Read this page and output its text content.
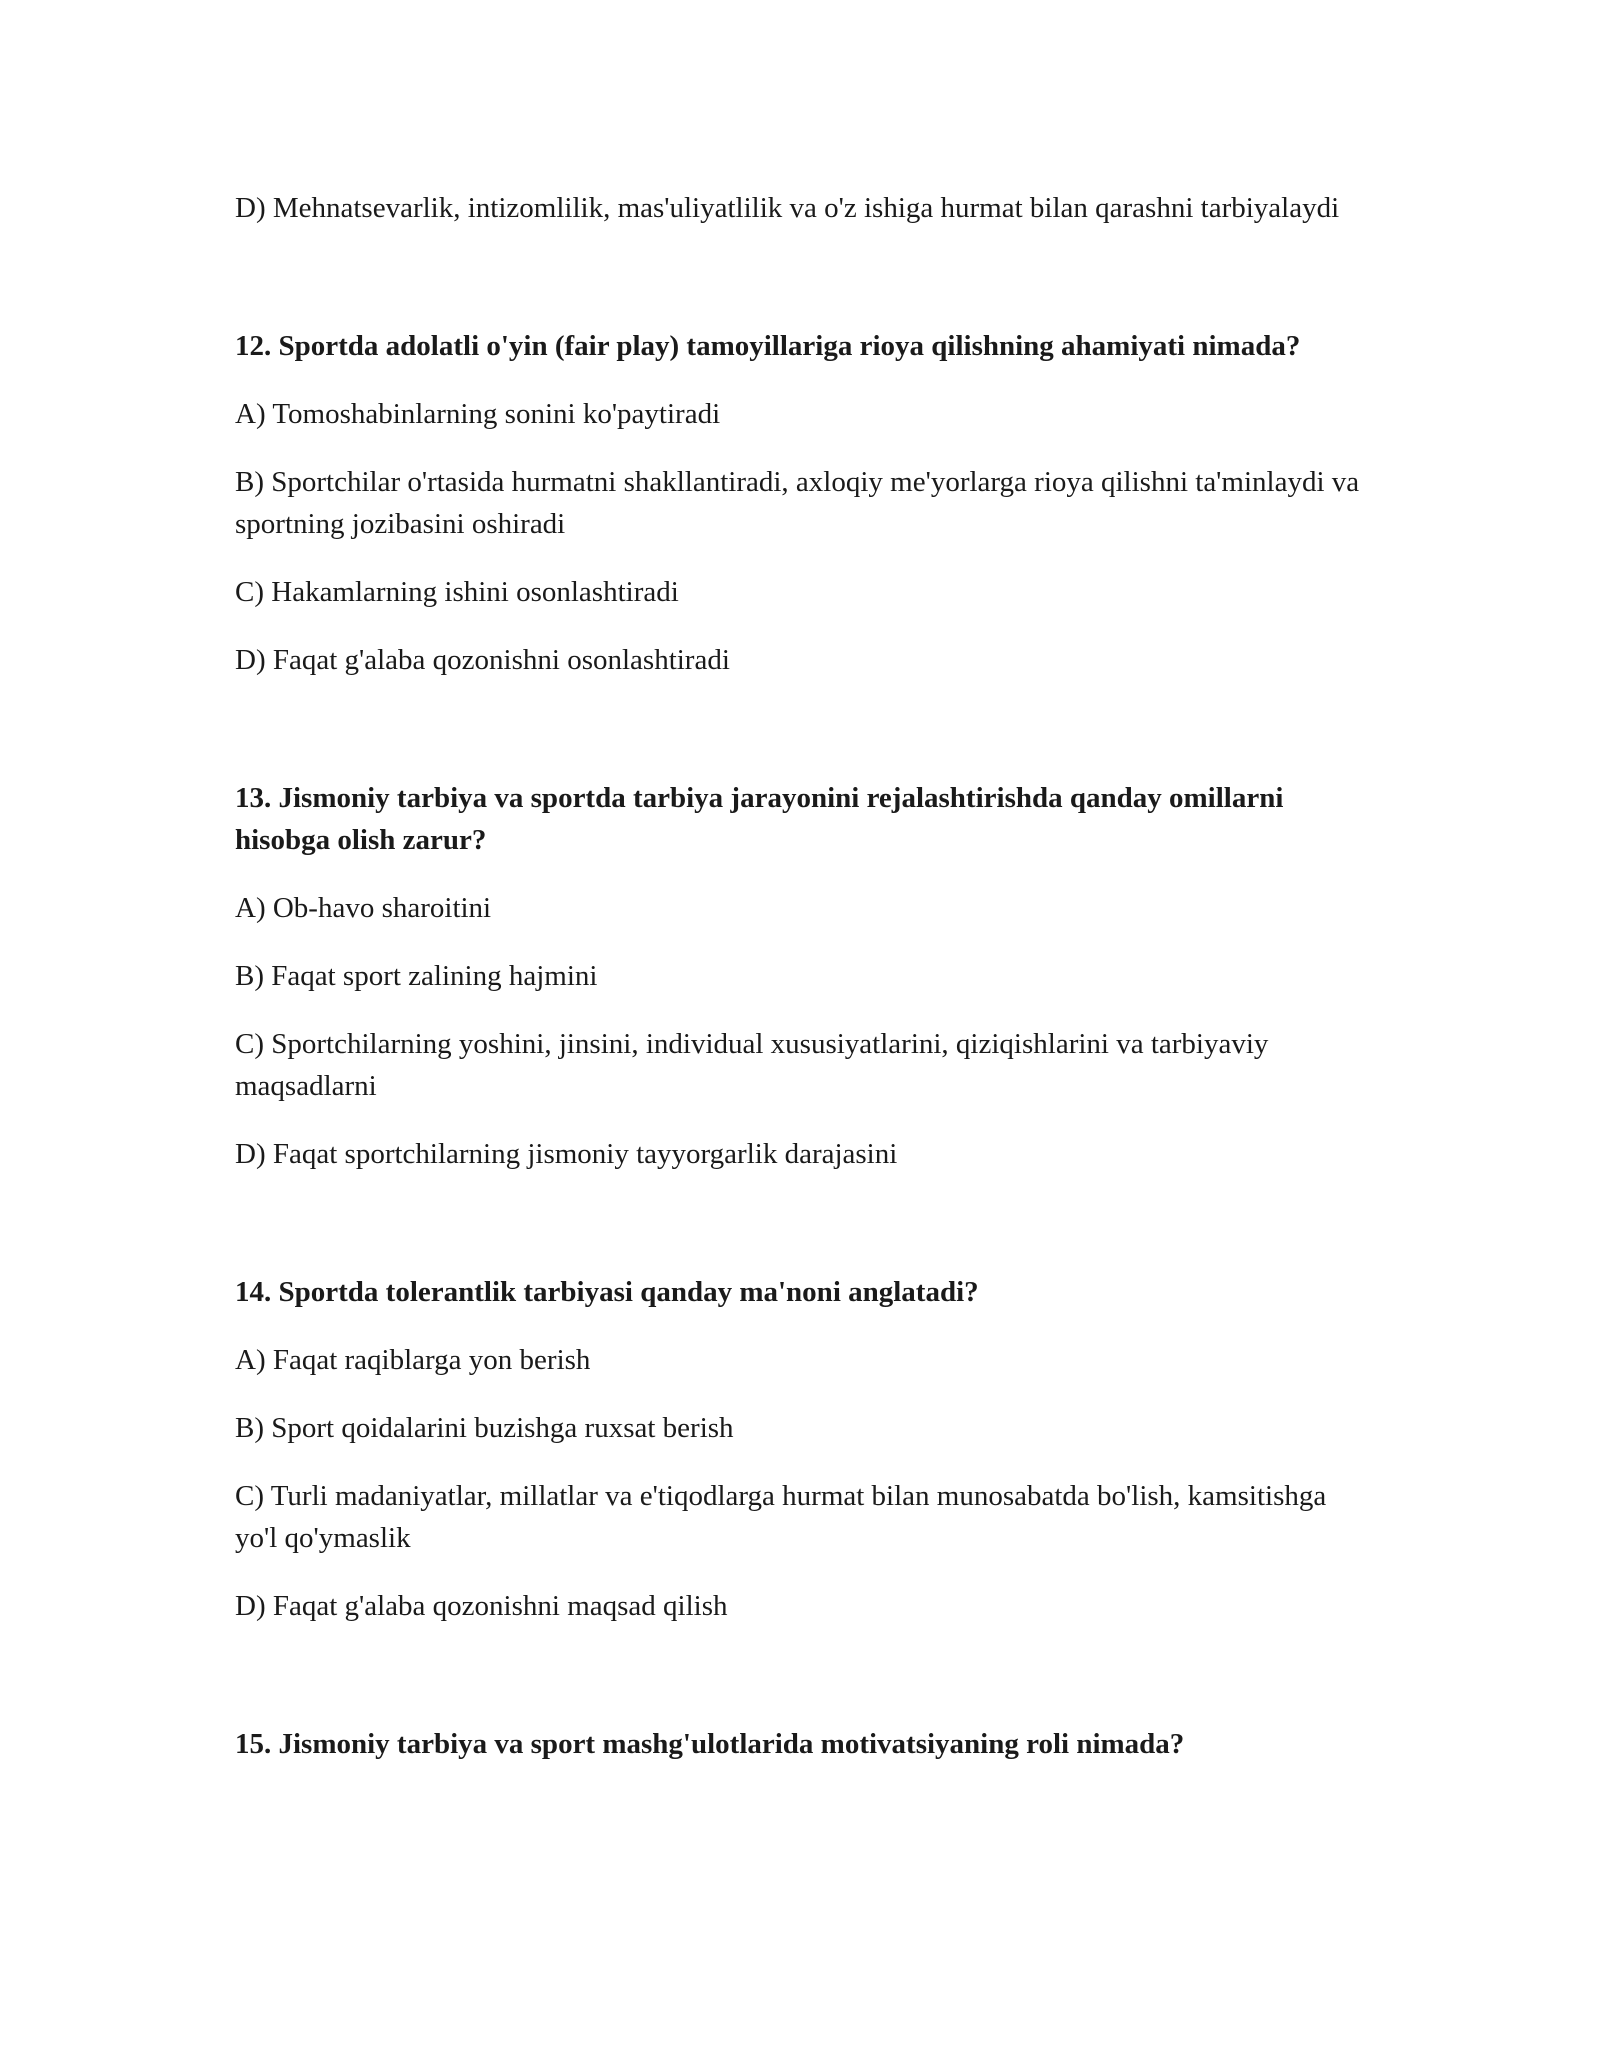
D) Mehnatsevarlik, intizomlilik, mas'uliyatlilik va o'z ishiga hurmat bilan qarashni tarbiyalaydi

12. Sportda adolatli o'yin (fair play) tamoyillariga rioya qilishning ahamiyati nimada?

A) Tomoshabinlarning sonini ko'paytiradi

B) Sportchilar o'rtasida hurmatni shakllantiradi, axloqiy me'yorlarga rioya qilishni ta'minlaydi va sportning jozibasini oshiradi

C) Hakamlarning ishini osonlashtiradi

D) Faqat g'alaba qozonishni osonlashtiradi

13. Jismoniy tarbiya va sportda tarbiya jarayonini rejalashtirishda qanday omillarni hisobga olish zarur?

A) Ob-havo sharoitini

B) Faqat sport zalining hajmini

C) Sportchilarning yoshini, jinsini, individual xususiyatlarini, qiziqishlarini va tarbiyaviy maqsadlarni

D) Faqat sportchilarning jismoniy tayyorgarlik darajasini

14. Sportda tolerantlik tarbiyasi qanday ma'noni anglatadi?

A) Faqat raqiblarga yon berish

B) Sport qoidalarini buzishga ruxsat berish

C) Turli madaniyatlar, millatlar va e'tiqodlarga hurmat bilan munosabatda bo'lish, kamsitishga yo'l qo'ymaslik

D) Faqat g'alaba qozonishni maqsad qilish

15. Jismoniy tarbiya va sport mashg'ulotlarida motivatsiyaning roli nimada?
